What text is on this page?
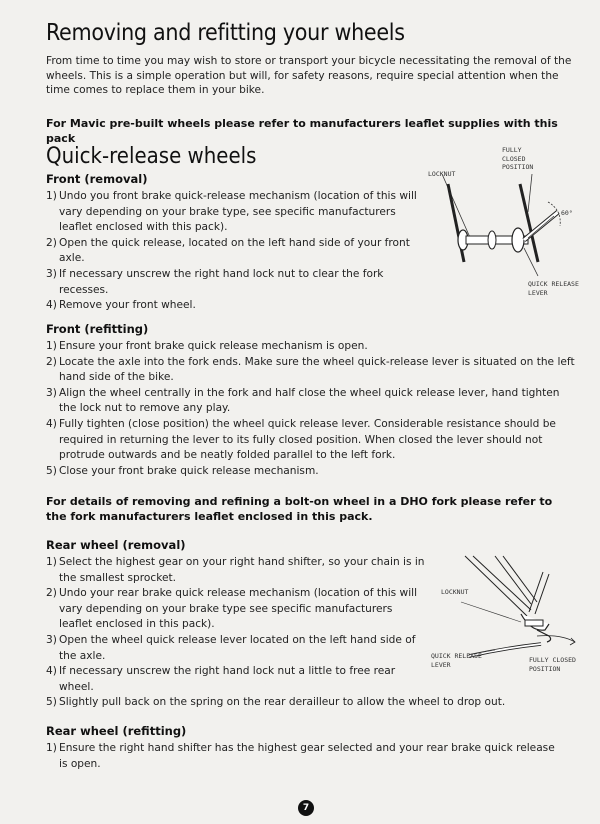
Removing and refitting your wheels

From time to time you may wish to store or transport your bicycle necessitating the removal of the wheels. This is a simple operation but will, for safety reasons, require special attention when the time comes to replace them in your bike.

For Mavic pre-built wheels please refer to manufacturers leaflet supplies with this pack

Quick-release wheels
Front (removal)
1) Undo you front brake quick-release mechanism (location of this will vary depending on your brake type, see specific manufacturers leaflet enclosed with this pack).
2) Open the quick release, located on the left hand side of your front axle.
3) If necessary unscrew the right hand lock nut to clear the fork recesses.
4) Remove your front wheel.
LOCKNUT
FULLY
CLOSED
POSITION
60°
QUICK RELEASE
LEVER
Front (refitting)
1) Ensure your front brake quick release mechanism is open.
2) Locate the axle into the fork ends. Make sure the wheel quick-release lever is situated on the left hand side of the bike.
3) Align the wheel centrally in the fork and half close the wheel quick release lever, hand tighten the lock nut to remove any play.
4) Fully tighten (close position) the wheel quick release lever. Considerable resistance should be required in returning the lever to its fully closed position. When closed the lever should not protrude outwards and be neatly folded parallel to the left fork.
5) Close your front brake quick release mechanism.

For details of removing and refining a bolt-on wheel in a DHO fork please refer to the fork manufacturers leaflet enclosed in this pack.

Rear wheel (removal)
1) Select the highest gear on your right hand shifter, so your chain is in the smallest sprocket.
2) Undo your rear brake quick release mechanism (location of this will vary depending on your brake type see specific manufacturers leaflet enclosed in this pack).
3) Open the wheel quick release lever located on the left hand side of the axle.
4) If necessary unscrew the right hand lock nut a little to free rear wheel.
5) Slightly pull back on the spring on the rear derailleur to allow the wheel to drop out.
LOCKNUT
QUICK RELEASE
LEVER
FULLY CLOSED
POSITION
Rear wheel (refitting)
1) Ensure the right hand shifter has the highest gear selected and your rear brake quick release is open.
7
